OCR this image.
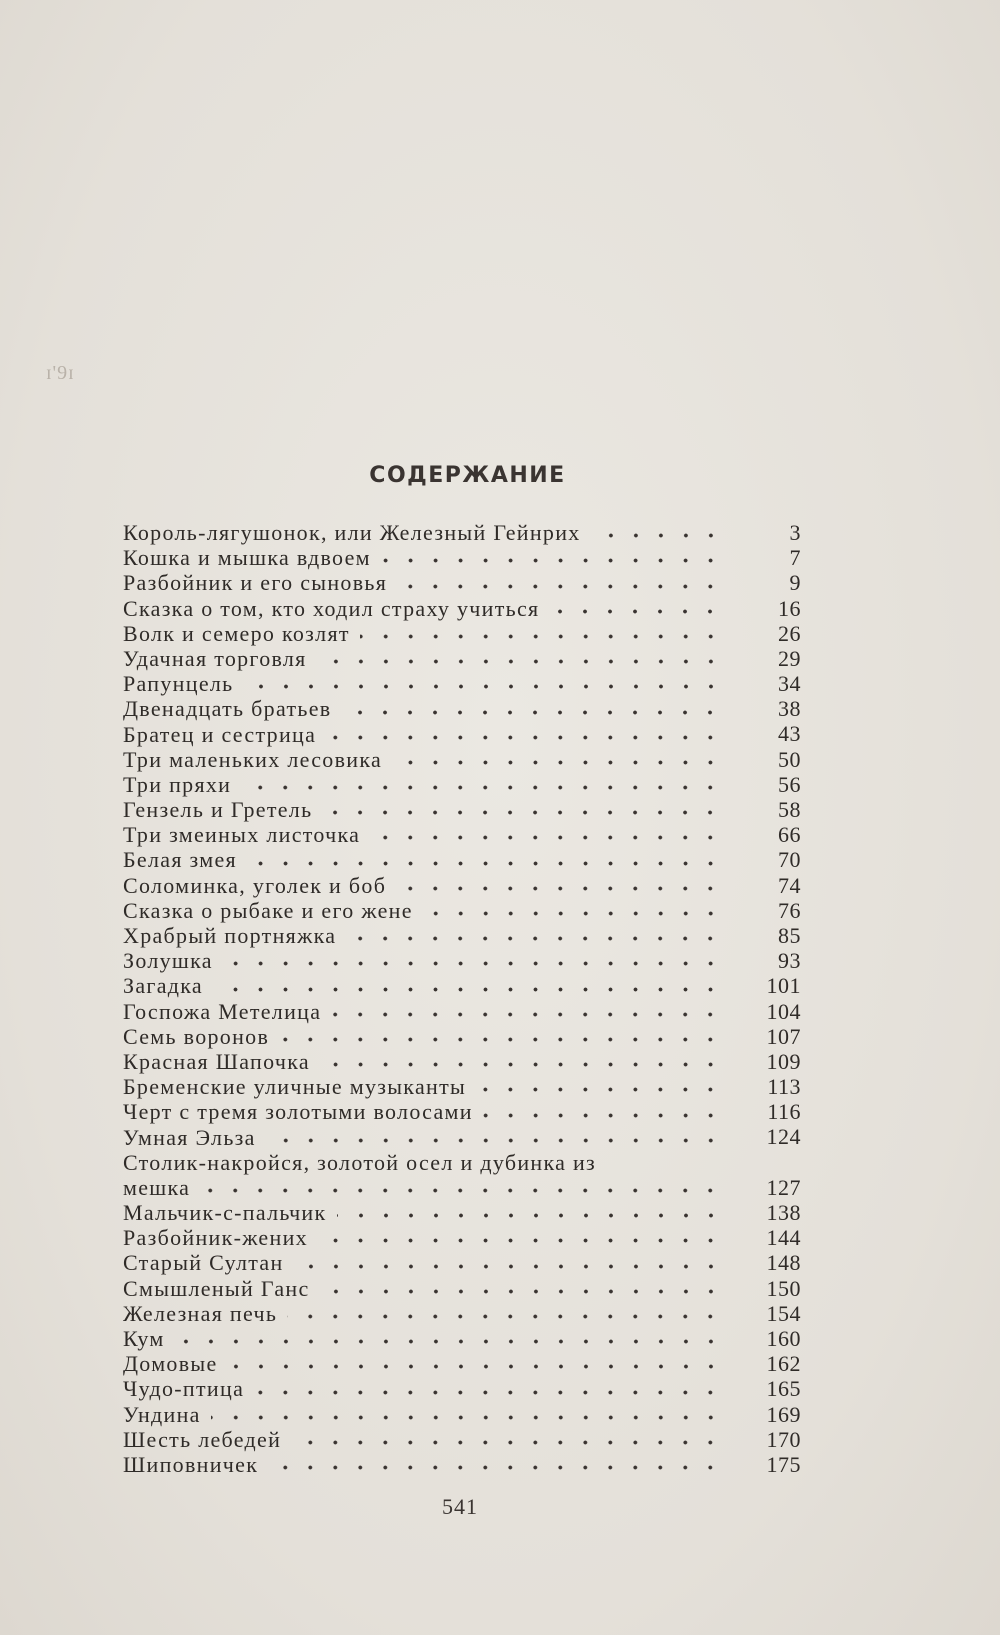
ɪ'9ɪ
СОДЕРЖАНИЕ
Король-лягушонок, или Железный Гейнрих	3
Кошка и мышка вдвоем	7
Разбойник и его сыновья	9
Сказка о том, кто ходил страху учиться	16
Волк и семеро козлят	26
Удачная торговля	29
Рапунцель	34
Двенадцать братьев	38
Братец и сестрица	43
Три маленьких лесовика	50
Три пряхи	56
Гензель и Гретель	58
Три змеиных листочка	66
Белая змея	70
Соломинка, уголек и боб	74
Сказка о рыбаке и его жене	76
Храбрый портняжка	85
Золушка	93
Загадка	101
Госпожа Метелица	104
Семь воронов	107
Красная Шапочка	109
Бременские уличные музыканты	113
Черт с тремя золотыми волосами	116
Умная Эльза	124
Столик-накройся, золотой осел и дубинка из
мешка	127
Мальчик-с-пальчик	138
Разбойник-жених	144
Старый Султан	148
Смышленый Ганс	150
Железная печь	154
Кум	160
Домовые	162
Чудо-птица	165
Ундина	169
Шесть лебедей	170
Шиповничек	175
541
